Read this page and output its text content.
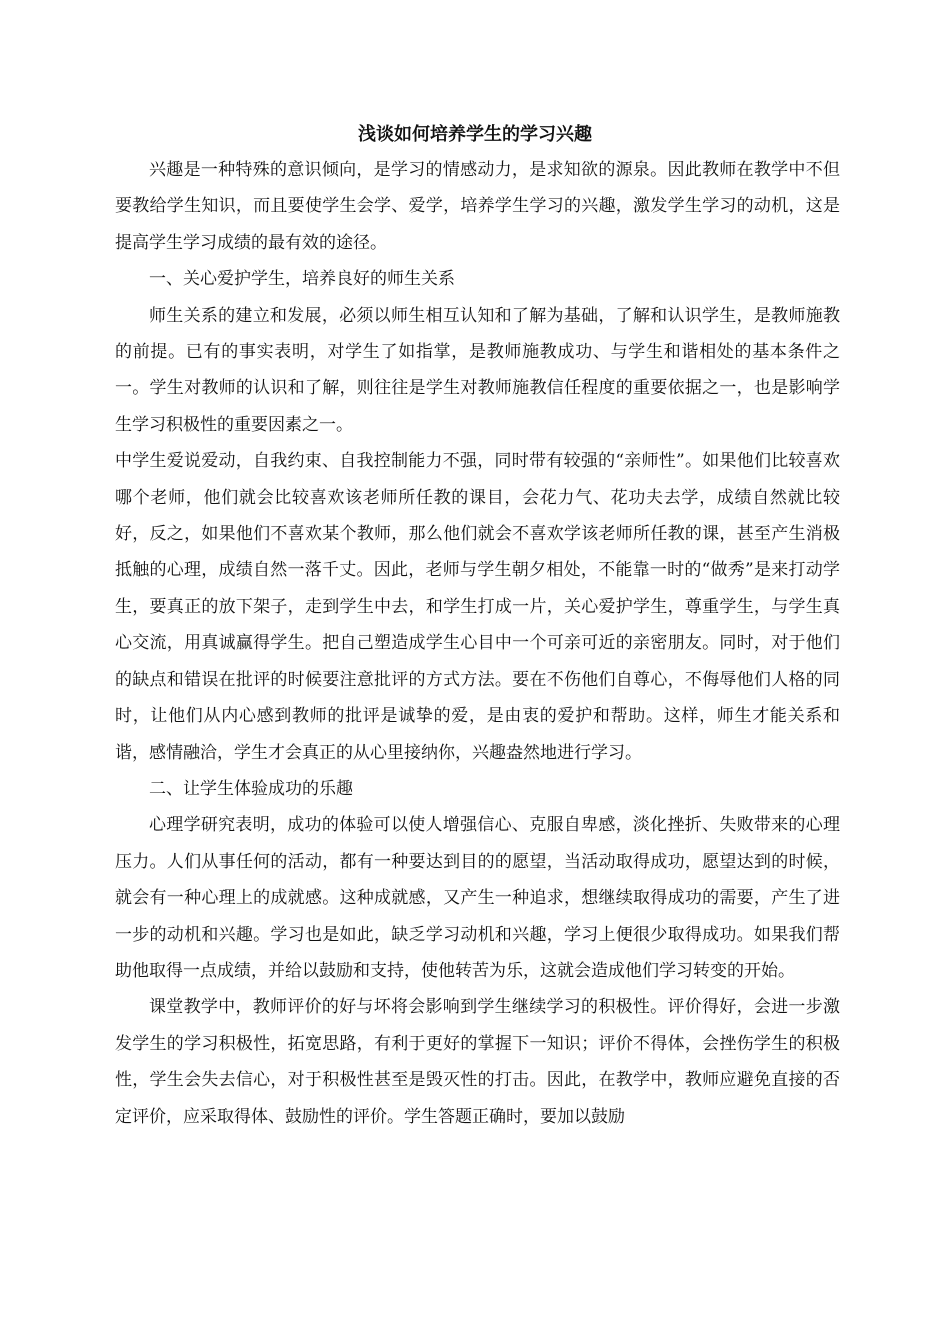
浅谈如何培养学生的学习兴趣

兴趣是一种特殊的意识倾向，是学习的情感动力，是求知欲的源泉。因此教师在教学中不但要教给学生知识，而且要使学生会学、爱学，培养学生学习的兴趣，激发学生学习的动机，这是提高学生学习成绩的最有效的途径。

一、关心爱护学生，培养良好的师生关系

师生关系的建立和发展，必须以师生相互认知和了解为基础，了解和认识学生，是教师施教的前提。已有的事实表明，对学生了如指掌，是教师施教成功、与学生和谐相处的基本条件之一。学生对教师的认识和了解，则往往是学生对教师施教信任程度的重要依据之一，也是影响学生学习积极性的重要因素之一。

中学生爱说爱动，自我约束、自我控制能力不强，同时带有较强的“亲师性”。如果他们比较喜欢哪个老师，他们就会比较喜欢该老师所任教的课目，会花力气、花功夫去学，成绩自然就比较好，反之，如果他们不喜欢某个教师，那么他们就会不喜欢学该老师所任教的课，甚至产生消极抵触的心理，成绩自然一落千丈。因此，老师与学生朝夕相处，不能靠一时的“做秀”是来打动学生，要真正的放下架子，走到学生中去，和学生打成一片，关心爱护学生，尊重学生，与学生真心交流，用真诚赢得学生。把自己塑造成学生心目中一个可亲可近的亲密朋友。同时，对于他们的缺点和错误在批评的时候要注意批评的方式方法。要在不伤他们自尊心，不侮辱他们人格的同时，让他们从内心感到教师的批评是诚挚的爱，是由衷的爱护和帮助。这样，师生才能关系和谐，感情融洽，学生才会真正的从心里接纳你，兴趣盎然地进行学习。

二、让学生体验成功的乐趣

心理学研究表明，成功的体验可以使人增强信心、克服自卑感，淡化挫折、失败带来的心理压力。人们从事任何的活动，都有一种要达到目的的愿望，当活动取得成功，愿望达到的时候，就会有一种心理上的成就感。这种成就感，又产生一种追求，想继续取得成功的需要，产生了进一步的动机和兴趣。学习也是如此，缺乏学习动机和兴趣，学习上便很少取得成功。如果我们帮助他取得一点成绩，并给以鼓励和支持，使他转苦为乐，这就会造成他们学习转变的开始。

课堂教学中，教师评价的好与坏将会影响到学生继续学习的积极性。评价得好，会进一步激发学生的学习积极性，拓宽思路，有利于更好的掌握下一知识；评价不得体，会挫伤学生的积极性，学生会失去信心，对于积极性甚至是毁灭性的打击。因此，在教学中，教师应避免直接的否定评价，应采取得体、鼓励性的评价。学生答题正确时，要加以鼓励
